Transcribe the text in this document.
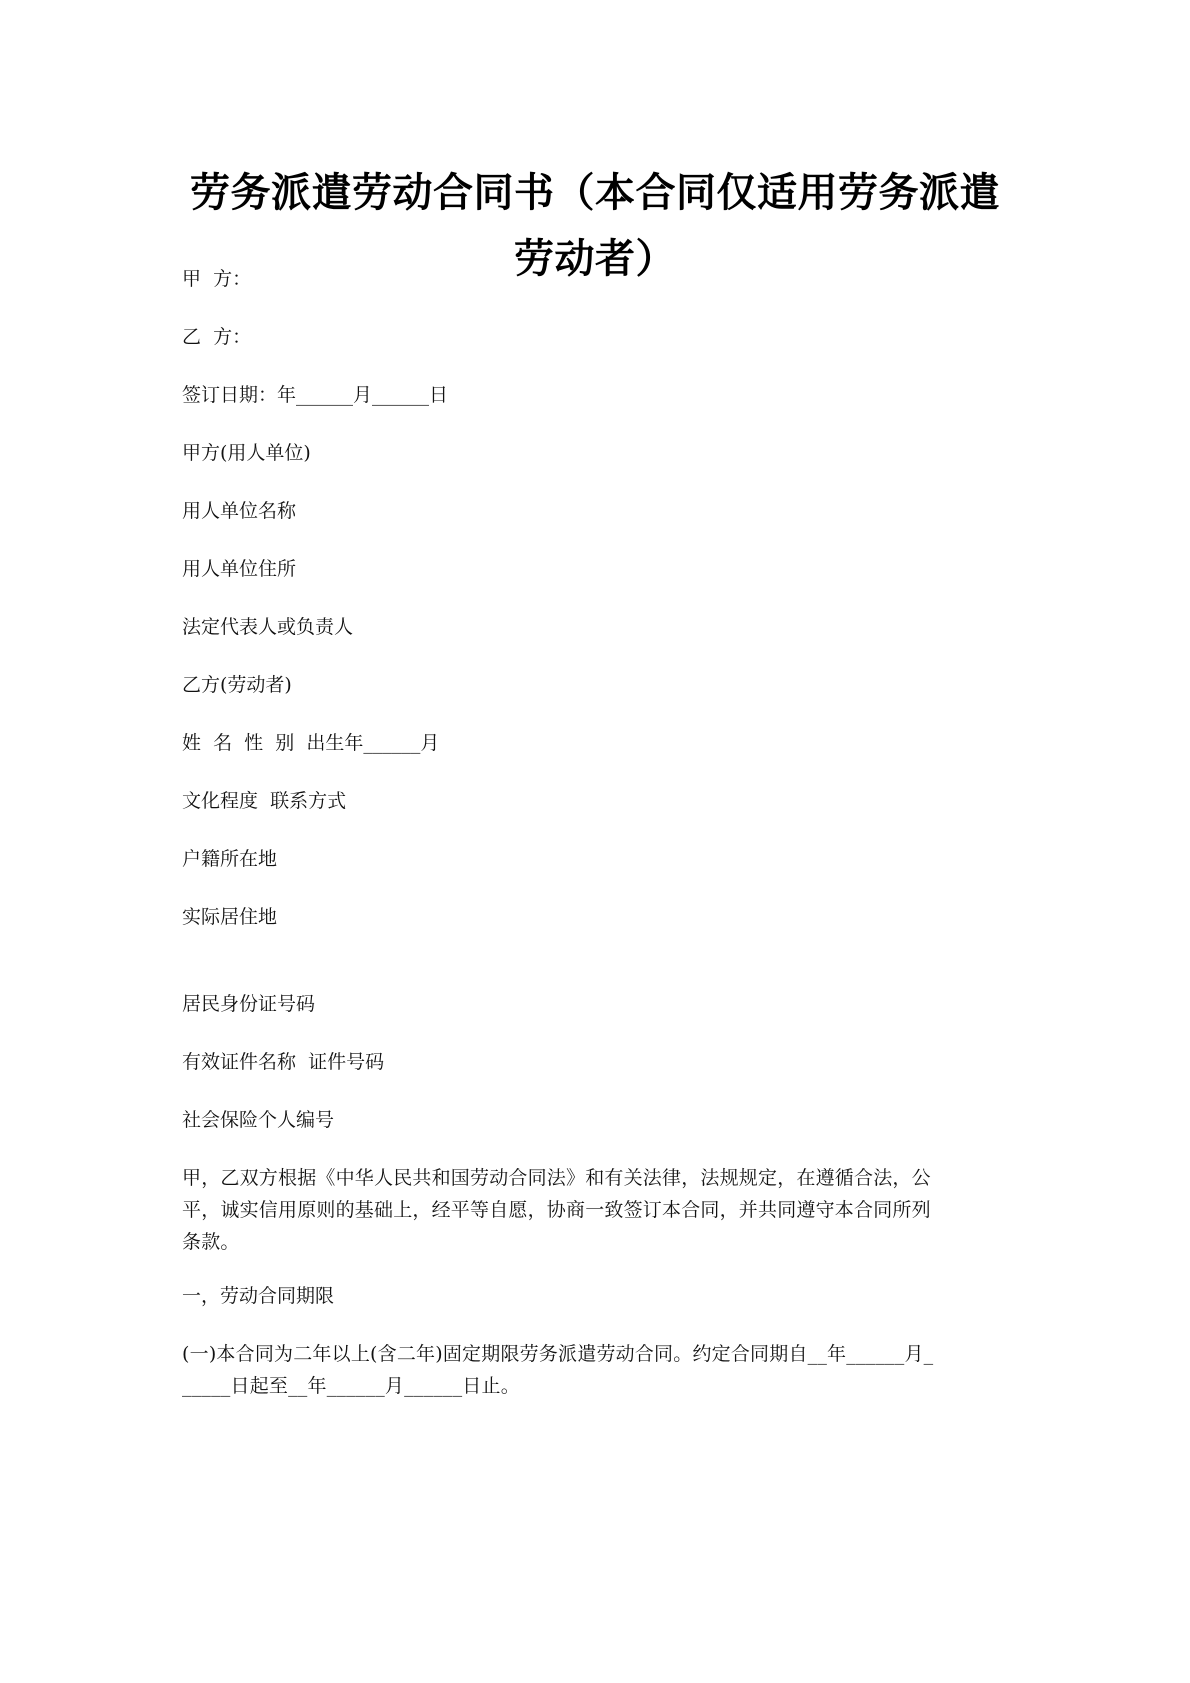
劳务派遣劳动合同书（本合同仅适用劳务派遣
劳动者）
甲  方：
乙  方：
签订日期：年______月______日
甲方(用人单位)
用人单位名称
用人单位住所
法定代表人或负责人
乙方(劳动者)
姓  名  性  别  出生年______月
文化程度  联系方式
户籍所在地
实际居住地
居民身份证号码
有效证件名称  证件号码
社会保险个人编号
甲，乙双方根据《中华人民共和国劳动合同法》和有关法律，法规规定，在遵循合法，公
平，诚实信用原则的基础上，经平等自愿，协商一致签订本合同，并共同遵守本合同所列
条款。
一，劳动合同期限
(一)本合同为二年以上(含二年)固定期限劳务派遣劳动合同。约定合同期自__年______月_
_____日起至__年______月______日止。
